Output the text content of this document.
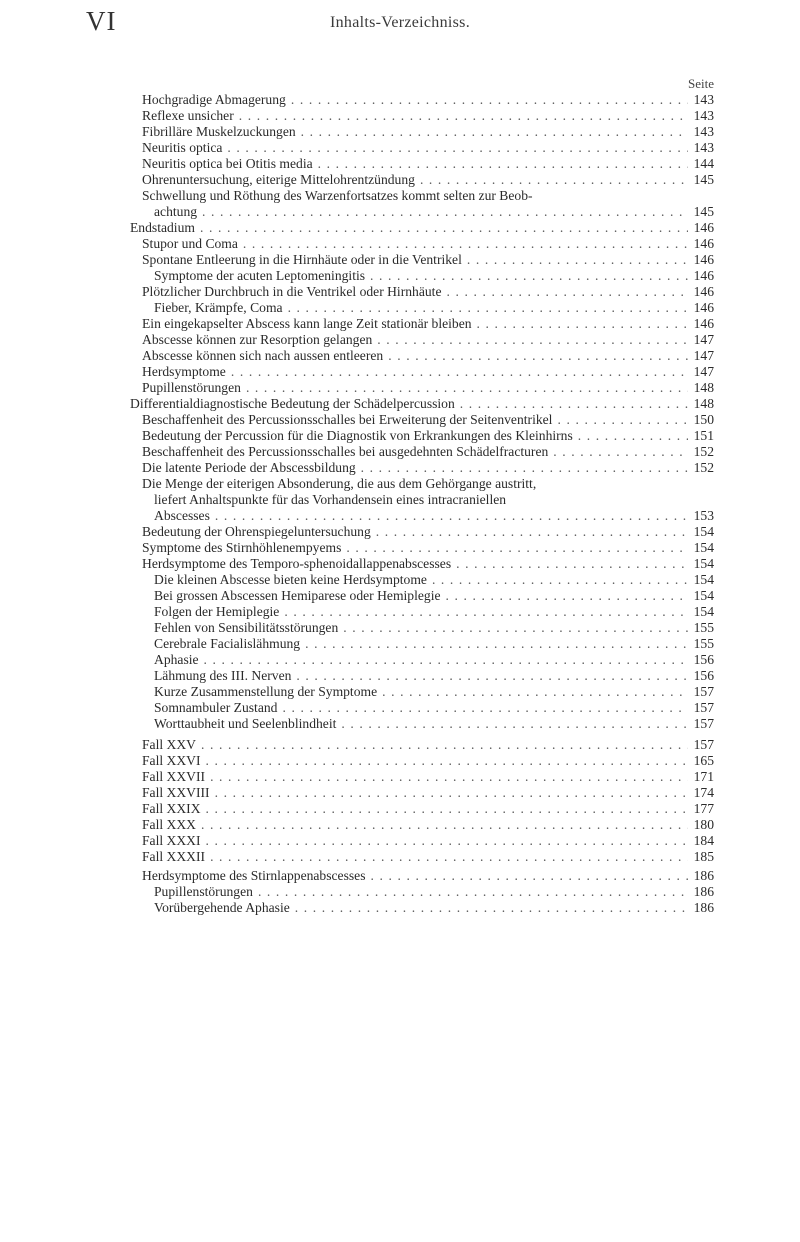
VI	Inhalts-Verzeichniss.
Seite
Hochgradige Abmagerung .....	143
Reflexe unsicher .....	143
Fibrilläre Muskelzuckungen .....	143
Neuritis optica .....	143
Neuritis optica bei Otitis media .....	144
Ohrenuntersuchung, eiterige Mittelohrentzündung .....	145
Schwellung und Röthung des Warzenfortsatzes kommt selten zur Beob-
achtung .....	145
Endstadium .....	146
Stupor und Coma .....	146
Spontane Entleerung in die Hirnhäute oder in die Ventrikel .....	146
Symptome der acuten Leptomeningitis .....	146
Plötzlicher Durchbruch in die Ventrikel oder Hirnhäute .....	146
Fieber, Krämpfe, Coma .....	146
Ein eingekapselter Abscess kann lange Zeit stationär bleiben .....	146
Abscesse können zur Resorption gelangen .....	147
Abscesse können sich nach aussen entleeren .....	147
Herdsymptome .....	147
Pupillenstörungen .....	148
Differentialdiagnostische Bedeutung der Schädelpercussion .....	148
Beschaffenheit des Percussionsschalles bei Erweiterung der Seitenventrikel .....	150
Bedeutung der Percussion für die Diagnostik von Erkrankungen des Kleinhirns .....	151
Beschaffenheit des Percussionsschalles bei ausgedehnten Schädelfracturen .....	152
Die latente Periode der Abscessbildung .....	152
Die Menge der eiterigen Absonderung, die aus dem Gehörgange austritt,
liefert Anhaltspunkte für das Vorhandensein eines intracraniellen
Abscesses .....	153
Bedeutung der Ohrenspiegeluntersuchung .....	154
Symptome des Stirnhöhlenempyems .....	154
Herdsymptome des Temporo-sphenoidallappenabscesses .....	154
Die kleinen Abscesse bieten keine Herdsymptome .....	154
Bei grossen Abscessen Hemiparese oder Hemiplegie .....	154
Folgen der Hemiplegie .....	154
Fehlen von Sensibilitätsstörungen .....	155
Cerebrale Facialislähmung .....	155
Aphasie .....	156
Lähmung des III. Nerven .....	156
Kurze Zusammenstellung der Symptome .....	157
Somnambuler Zustand .....	157
Worttaubheit und Seelenblindheit .....	157
Fall XXV .....	157
Fall XXVI .....	165
Fall XXVII .....	171
Fall XXVIII .....	174
Fall XXIX .....	177
Fall XXX .....	180
Fall XXXI .....	184
Fall XXXII .....	185
Herdsymptome des Stirnlappenabscesses .....	186
Pupillenstörungen .....	186
Vorübergehende Aphasie .....	186
